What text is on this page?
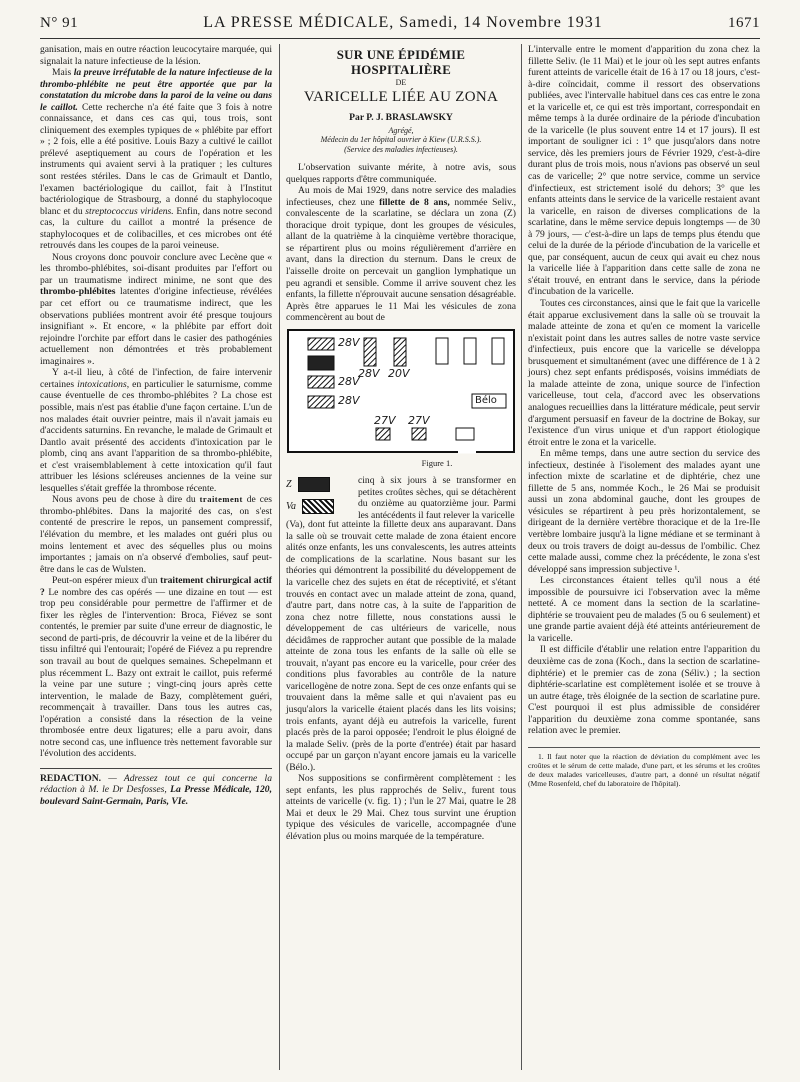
N° 91	LA PRESSE MÉDICALE, Samedi, 14 Novembre 1931	1671

ganisation, mais en outre réaction leucocytaire marquée, qui signalait la nature infectieuse de la lésion.

Mais la preuve irréfutable de la nature infectieuse de la thrombo-phlébite ne peut être apportée que par la constatation du microbe dans la paroi de la veine ou dans le caillot. Cette recherche n'a été faite que 3 fois à notre connaissance, et dans ces cas qui, tous trois, sont cliniquement des exemples typiques de « phlébite par effort » ; 2 fois, elle a été positive. Louis Bazy a cultivé le caillot prélevé aseptiquement au cours de l'opération et les instruments qui avaient servi à la pratiquer ; les cultures sont restées stériles. Dans le cas de Grimault et Dantlo, l'examen bactériologique du caillot, fait à l'Institut bactériologique de Strasbourg, a donné du staphylocoque blanc et du streptococcus viridens. Enfin, dans notre second cas, la culture du caillot a montré la présence de staphylocoques et de colibacilles, et ces microbes ont été retrouvés dans les coupes de la paroi veineuse.

Nous croyons donc pouvoir conclure avec Lecène que « les thrombo-phlébites, soi-disant produites par l'effort ou par un traumatisme indirect minime, ne sont que des thrombo-phlébites latentes d'origine infectieuse, révélées par cet effort ou ce traumatisme indirect, que les observations publiées montrent avoir été presque toujours insignifiant ». Et encore, « la phlébite par effort doit rejoindre l'orchite par effort dans le casier des pathogénies actuellement non démontrées et très probablement imaginaires ».

Y a-t-il lieu, à côté de l'infection, de faire intervenir certaines intoxications, en particulier le saturnisme, comme cause éventuelle de ces thrombo-phlébites ? La chose est possible, mais n'est pas établie d'une façon certaine. L'un de nos malades était ouvrier peintre, mais il n'avait jamais eu d'accidents saturnins. En revanche, le malade de Grimault et Dantlo avait présenté des accidents d'intoxication par le plomb, cinq ans avant l'apparition de sa thrombo-phlébite, et c'est vraisemblablement à cette intoxication qu'il faut attribuer les lésions scléreuses anciennes de la veine sur lesquelles s'était greffée la thrombose récente.

Nous avons peu de chose à dire du traitement de ces thrombo-phlébites. Dans la majorité des cas, on s'est contenté de prescrire le repos, un pansement compressif, l'élévation du membre, et les malades ont guéri plus ou moins lentement et avec des séquelles plus ou moins importantes ; jamais on n'a observé d'embolies, sauf peut-être dans le cas de Wulsten.

Peut-on espérer mieux d'un traitement chirurgical actif ? Le nombre des cas opérés — une dizaine en tout — est trop peu considérable pour permettre de l'affirmer et de fixer les règles de l'intervention: Broca, Fiévez se sont contentés, le premier par suite d'une erreur de diagnostic, le second de parti-pris, de découvrir la veine et de la libérer du tissu infiltré qui l'entourait; l'opéré de Fiévez a pu reprendre son travail au bout de quelques semaines. Schepelmann et plus récemment L. Bazy ont extrait le caillot, puis refermé la veine par une suture ; vingt-cinq jours après cette intervention, le malade de Bazy, complètement guéri, recommençait à travailler. Dans tous les autres cas, l'opération a consisté dans la résection de la veine thrombosée entre deux ligatures; elle a paru avoir, dans notre second cas, une influence très nettement favorable sur l'évolution des accidents.

REDACTION. — Adressez tout ce qui concerne la rédaction à M. le Dr Desfosses, La Presse Médicale, 120, boulevard Saint-Germain, Paris, VIe.
SUR UNE ÉPIDÉMIE HOSPITALIÈRE
DE
VARICELLE LIÉE AU ZONA
Par P. J. BRASLAWSKY
Agrégé,
Médecin du 1er hôpital ouvrier à Kiew (U.R.S.S.).
(Service des maladies infectieuses).

L'observation suivante mérite, à notre avis, sous quelques rapports d'être communiquée.

Au mois de Mai 1929, dans notre service des maladies infectieuses, chez une fillette de 8 ans, nommée Seliv., convalescente de la scarlatine, se déclara un zona (Z) thoracique droit typique, dont les groupes de vésicules, allant de la quatrième à la cinquième vertèbre thoracique, se répartirent plus ou moins régulièrement d'arrière en avant, dans la direction du sternum. Dans le creux de l'aisselle droite on percevait un ganglion lymphatique un peu agrandi et sensible. Comme il arrive souvent chez les enfants, la fillette n'éprouvait aucune sensation désagréable. Après être apparues le 11 Mai les vésicules de zona commencèrent au bout de

28V
28V
28V
28V 20V
27V 27V
Bélo
Z
Va
Figure 1.

cinq à six jours à se transformer en petites croûtes sèches, qui se détachèrent du onzième au quatorzième jour. Parmi les antécédents il faut relever la varicelle

(Va), dont fut atteinte la fillette deux ans auparavant. Dans la salle où se trouvait cette malade de zona étaient encore alités onze enfants, les uns convalescents, les autres atteints de complications de la scarlatine. Nous basant sur les théories qui démontrent la possibilité du développement de la varicelle chez des sujets en état de réceptivité, et s'étant trouvés en contact avec un malade atteint de zona, quand, d'autre part, dans notre cas, à la suite de l'apparition de zona chez notre fillette, nous constations aussi le développement de cas ultérieurs de varicelle, nous décidâmes de rapprocher autant que possible de la malade atteinte de zona tous les enfants de la salle où elle se trouvait, n'ayant pas encore eu la varicelle, pour créer des conditions plus favorables au contrôle de la nature varicellogène de notre zona. Sept de ces onze enfants qui se trouvaient dans la même salle et qui n'avaient pas eu jusqu'alors la varicelle étaient placés dans les lits voisins; trois enfants, ayant déjà eu autrefois la varicelle, furent placés près de la paroi opposée; l'endroit le plus éloigné de la malade Seliv. (près de la porte d'entrée) était par hasard occupé par un garçon n'ayant encore jamais eu la varicelle (Bélo.).

Nos suppositions se confirmèrent complètement : les sept enfants, les plus rapprochés de Seliv., furent tous atteints de varicelle (v. fig. 1) ; l'un le 27 Mai, quatre le 28 Mai et deux le 29 Mai. Chez tous survint une éruption typique des vésicules de varicelle, accompagnée d'une élévation plus ou moins marquée de la température.

L'intervalle entre le moment d'apparition du zona chez la fillette Seliv. (le 11 Mai) et le jour où les sept autres enfants furent atteints de varicelle était de 16 à 17 ou 18 jours, c'est-à-dire coïncidait, comme il ressort des observations publiées, avec l'intervalle habituel dans ces cas entre le zona et la varicelle et, ce qui est très important, correspondait en même temps à la durée ordinaire de la période d'incubation de la varicelle (le plus souvent entre 14 et 17 jours). Il est important de souligner ici : 1° que jusqu'alors dans notre service, dès les premiers jours de Février 1929, c'est-à-dire durant plus de trois mois, nous n'avions pas observé un seul cas de varicelle; 2° que notre service, comme un service d'infectieux, est strictement isolé du dehors; 3° que les enfants atteints dans le service de la varicelle restaient avant la varicelle, en raison de diverses complications de la scarlatine, dans le même service depuis longtemps — de 30 à 79 jours, — c'est-à-dire un laps de temps plus étendu que celui de la durée de la période d'incubation de la varicelle et que, par conséquent, aucun de ceux qui avait eu chez nous la varicelle liée à l'apparition dans cette salle de zona ne s'était trouvé, en entrant dans le service, dans la période d'incubation de la varicelle.

Toutes ces circonstances, ainsi que le fait que la varicelle était apparue exclusivement dans la salle où se trouvait la malade atteinte de zona et qu'en ce moment la varicelle n'existait point dans les autres salles de notre vaste service d'infectieux, puis encore que la varicelle se développa brusquement et simultanément (avec une différence de 1 à 2 jours) chez sept enfants prédisposés, voisins immédiats de la malade atteinte de zona, unique source de l'infection varicelleuse, tout cela, d'accord avec les observations analogues recueillies dans la littérature médicale, peut servir d'argument persuasif en faveur de la doctrine de Bokay, sur l'existence d'un virus unique et d'un rapport étiologique étroit entre le zona et la varicelle.

En même temps, dans une autre section du service des infectieux, destinée à l'isolement des malades ayant une infection mixte de scarlatine et de diphtérie, chez une fillette de 5 ans, nommée Koch., le 26 Mai se produisit aussi un zona abdominal gauche, dont les groupes de vésicules se répartirent à peu près horizontalement, se dirigeant de la dernière vertèbre thoracique et de la 1re-IIe vertèbre lombaire jusqu'à la ligne médiane et se terminant à deux ou trois travers de doigt au-dessus de l'ombilic. Chez cette malade aussi, comme chez la précédente, le zona s'est développé sans impression subjective ¹.

Les circonstances étaient telles qu'il nous a été impossible de poursuivre ici l'observation avec la même netteté. A ce moment dans la section de la scarlatine-diphtérie se trouvaient peu de malades (5 ou 6 seulement) et une grande partie avaient déjà été atteints antérieurement de la varicelle.

Il est difficile d'établir une relation entre l'apparition du deuxième cas de zona (Koch., dans la section de scarlatine-diphtérie) et le premier cas de zona (Séliv.) ; la section diphtérie-scarlatine est complètement isolée et se trouve à un autre étage, très éloignée de la section de scarlatine pure. C'est pourquoi il est plus admissible de considérer l'apparition du deuxième zona comme spontanée, sans relation avec le premier.

1. Il faut noter que la réaction de déviation du complément avec les croûtes et le sérum de cette malade, d'une part, et les sérums et les croûtes de deux malades varicelleuses, d'autre part, a donné un résultat négatif (Mme Rosenfeld, chef du laboratoire de l'hôpital).
